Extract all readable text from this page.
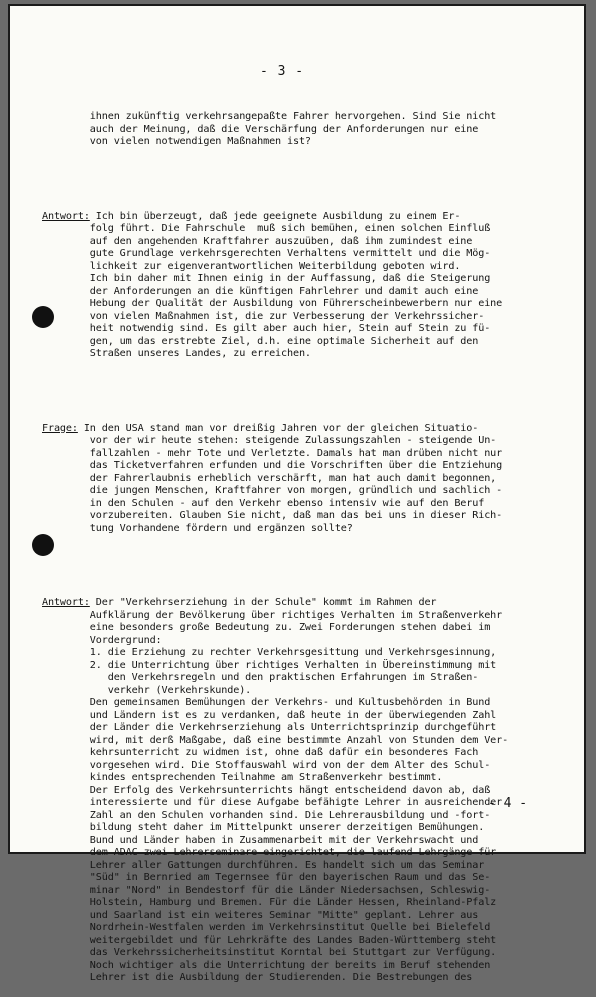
- 3 -
- 4 -

ihnen zukünftig verkehrsangepaßte Fahrer hervorgehen. Sind Sie nicht
auch der Meinung, daß die Verschärfung der Anforderungen nur eine
von vielen notwendigen Maßnahmen ist?

Antwort: Ich bin überzeugt, daß jede geeignete Ausbildung zu einem Er-
folg führt. Die Fahrschule  muß sich bemühen, einen solchen Einfluß
auf den angehenden Kraftfahrer auszuüben, daß ihm zumindest eine
gute Grundlage verkehrsgerechten Verhaltens vermittelt und die Mög-
lichkeit zur eigenverantwortlichen Weiterbildung geboten wird.
Ich bin daher mit Ihnen einig in der Auffassung, daß die Steigerung
der Anforderungen an die künftigen Fahrlehrer und damit auch eine
Hebung der Qualität der Ausbildung von Führerscheinbewerbern nur eine
von vielen Maßnahmen ist, die zur Verbesserung der Verkehrssicher-
heit notwendig sind. Es gilt aber auch hier, Stein auf Stein zu fü-
gen, um das erstrebte Ziel, d.h. eine optimale Sicherheit auf den
Straßen unseres Landes, zu erreichen.

Frage: In den USA stand man vor dreißig Jahren vor der gleichen Situatio-
vor der wir heute stehen: steigende Zulassungszahlen - steigende Un-
fallzahlen - mehr Tote und Verletzte. Damals hat man drüben nicht nur
das Ticketverfahren erfunden und die Vorschriften über die Entziehung
der Fahrerlaubnis erheblich verschärft, man hat auch damit begonnen,
die jungen Menschen, Kraftfahrer von morgen, gründlich und sachlich -
in den Schulen - auf den Verkehr ebenso intensiv wie auf den Beruf
vorzubereiten. Glauben Sie nicht, daß man das bei uns in dieser Rich-
tung Vorhandene fördern und ergänzen sollte?

Antwort: Der "Verkehrserziehung in der Schule" kommt im Rahmen der
Aufklärung der Bevölkerung über richtiges Verhalten im Straßenverkehr
eine besonders große Bedeutung zu. Zwei Forderungen stehen dabei im
Vordergrund:
1. die Erziehung zu rechter Verkehrsgesittung und Verkehrsgesinnung,
2. die Unterrichtung über richtiges Verhalten in Übereinstimmung mit
den Verkehrsregeln und den praktischen Erfahrungen im Straßen-
verkehr (Verkehrskunde).
Den gemeinsamen Bemühungen der Verkehrs- und Kultusbehörden in Bund
und Ländern ist es zu verdanken, daß heute in der überwiegenden Zahl
der Länder die Verkehrserziehung als Unterrichtsprinzip durchgeführt
wird, mit derß Maßgabe, daß eine bestimmte Anzahl von Stunden dem Ver-
kehrsunterricht zu widmen ist, ohne daß dafür ein besonderes Fach
vorgesehen wird. Die Stoffauswahl wird von der dem Alter des Schul-
kindes entsprechenden Teilnahme am Straßenverkehr bestimmt.
Der Erfolg des Verkehrsunterrichts hängt entscheidend davon ab, daß
interessierte und für diese Aufgabe befähigte Lehrer in ausreichender
Zahl an den Schulen vorhanden sind. Die Lehrerausbildung und -fort-
bildung steht daher im Mittelpunkt unserer derzeitigen Bemühungen.
Bund und Länder haben in Zusammenarbeit mit der Verkehrswacht und
dem ADAC zwei Lehrerseminare eingerichtet, die laufend Lehrgänge für
Lehrer aller Gattungen durchführen. Es handelt sich um das Seminar
"Süd" in Bernried am Tegernsee für den bayerischen Raum und das Se-
minar "Nord" in Bendestorf für die Länder Niedersachsen, Schleswig-
Holstein, Hamburg und Bremen. Für die Länder Hessen, Rheinland-Pfalz
und Saarland ist ein weiteres Seminar "Mitte" geplant. Lehrer aus
Nordrhein-Westfalen werden im Verkehrsinstitut Quelle bei Bielefeld
weitergebildet und für Lehrkräfte des Landes Baden-Württemberg steht
das Verkehrssicherheitsinstitut Korntal bei Stuttgart zur Verfügung.
Noch wichtiger als die Unterrichtung der bereits im Beruf stehenden
Lehrer ist die Ausbildung der Studierenden. Die Bestrebungen des
